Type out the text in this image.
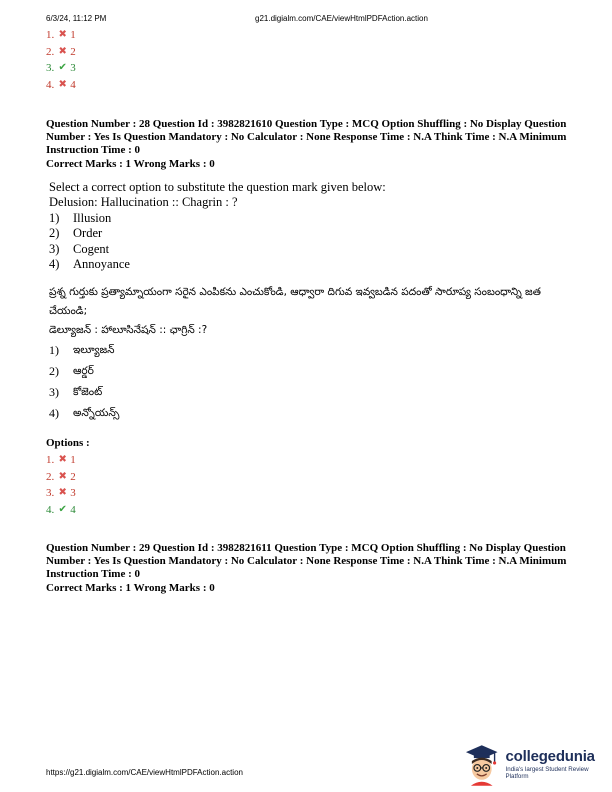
6/3/24, 11:12 PM	g21.digialm.com/CAE/viewHtmlPDFAction.action
1. ✖ 1
2. ✖ 2
3. ✔ 3
4. ✖ 4

Question Number : 28 Question Id : 3982821610 Question Type : MCQ Option Shuffling : No Display Question Number : Yes Is Question Mandatory : No Calculator : None Response Time : N.A Think Time : N.A Minimum Instruction Time : 0

Correct Marks : 1 Wrong Marks : 0

Select a correct option to substitute the question mark given below:

Delusion: Hallucination :: Chagrin : ?

1)	Illusion
2)	Order
3)	Cogent
4)	Annoyance

ప్రశ్న గుర్తుకు ప్రత్యామ్నాయంగా సరైన ఎంపికను ఎంచుకోండి, ఆధ్వారా దిగువ ఇవ్వబడిన పదంతో సారూప్య సంబంధాన్ని జత చేయండి;

డెల్యూజన్ : హాలూసినేషన్ :: ఛాగ్రిన్ :?

1)	ఇల్యూజన్
2)	ఆర్డర్
3)	కోజెంట్
4)	అన్నోయన్స్
Options :
1. ✖ 1
2. ✖ 2
3. ✖ 3
4. ✔ 4

Question Number : 29 Question Id : 3982821611 Question Type : MCQ Option Shuffling : No Display Question Number : Yes Is Question Mandatory : No Calculator : None Response Time : N.A Think Time : N.A Minimum Instruction Time : 0

Correct Marks : 1 Wrong Marks : 0

https://g21.digialm.com/CAE/viewHtmlPDFAction.action
collegedunia
India's largest Student Review Platform
